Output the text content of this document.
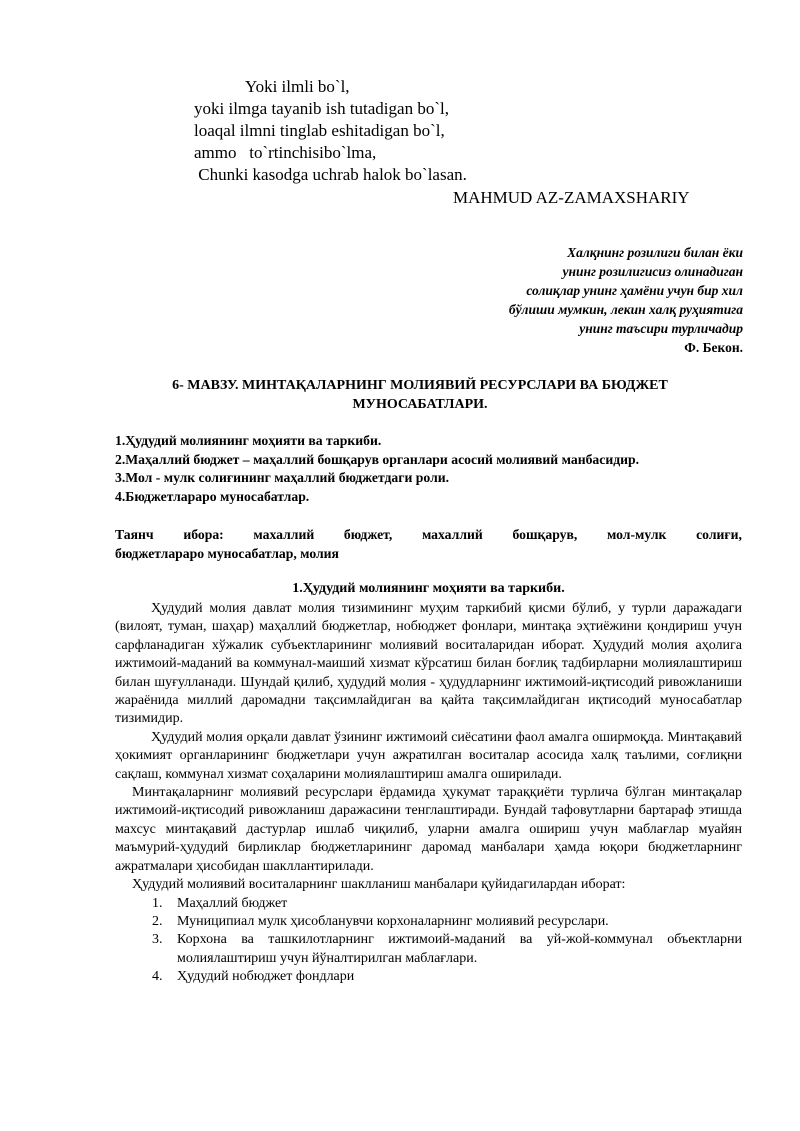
Yoki ilmli bo`l,
yoki ilmga tayanib ish tutadigan bo`l,
loaqal ilmni tinglab eshitadigan bo`l,
ammo   to`rtinchisibo`lma,
Chunki kasodga uchrab halok bo`lasan.
MAHMUD AZ-ZAMAXSHARIY
Халқнинг розилиги билан ёки
унинг розилигисиз олинадиган
солиқлар унинг ҳамёни учун бир хил
бўлиши мумкин, лекин халқ руҳиятига
унинг таъсири турличадир
Ф. Бекон.
6- МАВЗУ. МИНТАҚАЛАРНИНГ МОЛИЯВИЙ РЕСУРСЛАРИ ВА БЮДЖЕТ
МУНОСАБАТЛАРИ.
1.Ҳудудий молиянинг моҳияти ва таркиби.
2.Маҳаллий бюджет – маҳаллий бошқарув органлари асосий молиявий манбасидир.
3.Мол - мулк солиғининг маҳаллий бюджетдаги роли.
4.Бюджетлараро муносабатлар.
Таянч ибора: махаллий бюджет, махаллий бошқарув, мол-мулк солиғи,
бюджетлараро муносабатлар, молия
1.Ҳудудий молиянинг моҳияти ва таркиби.

Ҳудудий молия давлат молия тизимининг муҳим таркибий қисми бўлиб, у турли даражадаги (вилоят, туман, шаҳар) маҳаллий бюджетлар, нобюджет фонлари, минтақа эҳтиёжини қондириш учун сарфланадиган хўжалик субъектларининг молиявий воситаларидан иборат. Ҳудудий молия аҳолига ижтимоий-маданий ва коммунал-маиший хизмат кўрсатиш билан боғлиқ тадбирларни молиялаштириш билан шуғулланади. Шундай қилиб, ҳудудий молия - ҳудудларнинг ижтимоий-иқтисодий ривожланиши жараёнида миллий даромадни тақсимлайдиган ва қайта тақсимлайдиган иқтисодий муносабатлар тизимидир.

Ҳудудий молия орқали давлат ўзининг ижтимоий сиёсатини фаол амалга оширмоқда. Минтақавий ҳокимият органларининг бюджетлари учун ажратилган воситалар асосида халқ таълими, соғлиқни сақлаш, коммунал хизмат соҳаларини молиялаштириш амалга оширилади.

Минтақаларнинг молиявий ресурслари ёрдамида ҳукумат тараққиёти турлича бўлган минтақалар ижтимоий-иқтисодий ривожланиш даражасини тенглаштиради. Бундай тафовутларни бартараф этишда махсус минтақавий дастурлар ишлаб чиқилиб, уларни амалга ошириш учун маблағлар муайян маъмурий-ҳудудий бирликлар бюджетларининг даромад манбалари ҳамда юқори бюджетларнинг ажратмалари ҳисобидан шакллантирилади.

Ҳудудий молиявий воситаларнинг шаклланиш манбалари қуйидагилардан иборат:

1. Маҳаллий бюджет
2. Муниципиал мулк ҳисобланувчи корхоналарнинг молиявий ресурслари.
3. Корхона ва ташкилотларнинг ижтимоий-маданий ва уй-жой-коммунал объектларни молиялаштириш учун йўналтирилган маблағлари.
4. Ҳудудий нобюджет фондлари
